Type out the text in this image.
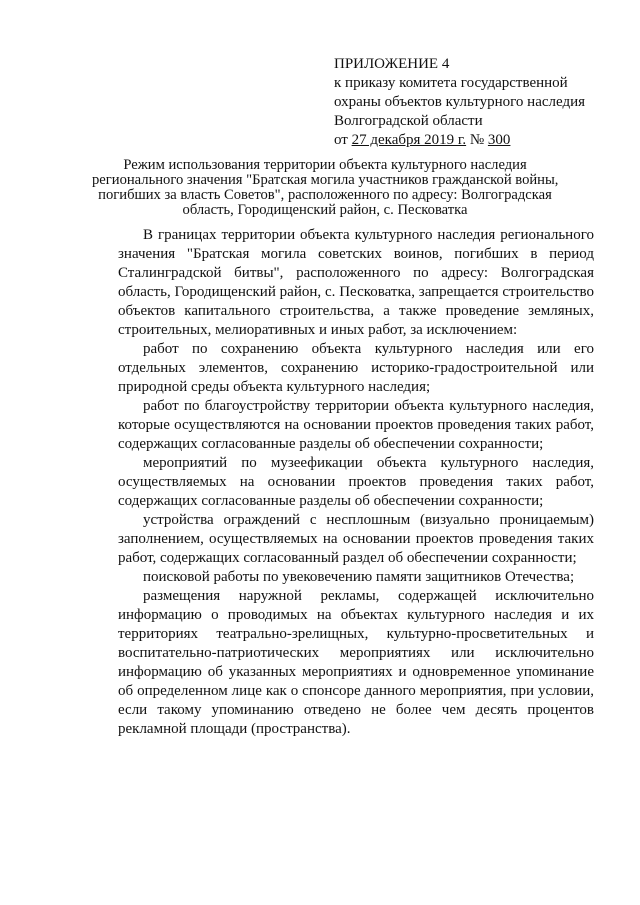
ПРИЛОЖЕНИЕ 4
к приказу комитета государственной
охраны объектов культурного наследия
Волгоградской области
от 27 декабря 2019 г. № 300
Режим использования территории объекта культурного наследия
регионального значения "Братская могила участников гражданской войны,
погибших за власть Советов", расположенного по адресу: Волгоградская
область, Городищенский район, с. Песковатка

В границах территории объекта культурного наследия регионального значения "Братская могила советских воинов, погибших в период Сталинградской битвы", расположенного по адресу: Волгоградская область, Городищенский район, с. Песковатка, запрещается строительство объектов капитального строительства, а также проведение земляных, строительных, мелиоративных и иных работ, за исключением:

работ по сохранению объекта культурного наследия или его отдельных элементов, сохранению историко-градостроительной или природной среды объекта культурного наследия;

работ по благоустройству территории объекта культурного наследия, которые осуществляются на основании проектов проведения таких работ, содержащих согласованные разделы об обеспечении сохранности;

мероприятий по музеефикации объекта культурного наследия, осуществляемых на основании проектов проведения таких работ, содержащих согласованные разделы об обеспечении сохранности;

устройства ограждений с несплошным (визуально проницаемым) заполнением, осуществляемых на основании проектов проведения таких работ, содержащих согласованный раздел об обеспечении сохранности;

поисковой работы по увековечению памяти защитников Отечества;

размещения наружной рекламы, содержащей исключительно информацию о проводимых на объектах культурного наследия и их территориях театрально-зрелищных, культурно-просветительных и воспитательно-патриотических мероприятиях или исключительно информацию об указанных мероприятиях и одновременное упоминание об определенном лице как о спонсоре данного мероприятия, при условии, если такому упоминанию отведено не более чем десять процентов рекламной площади (пространства).
